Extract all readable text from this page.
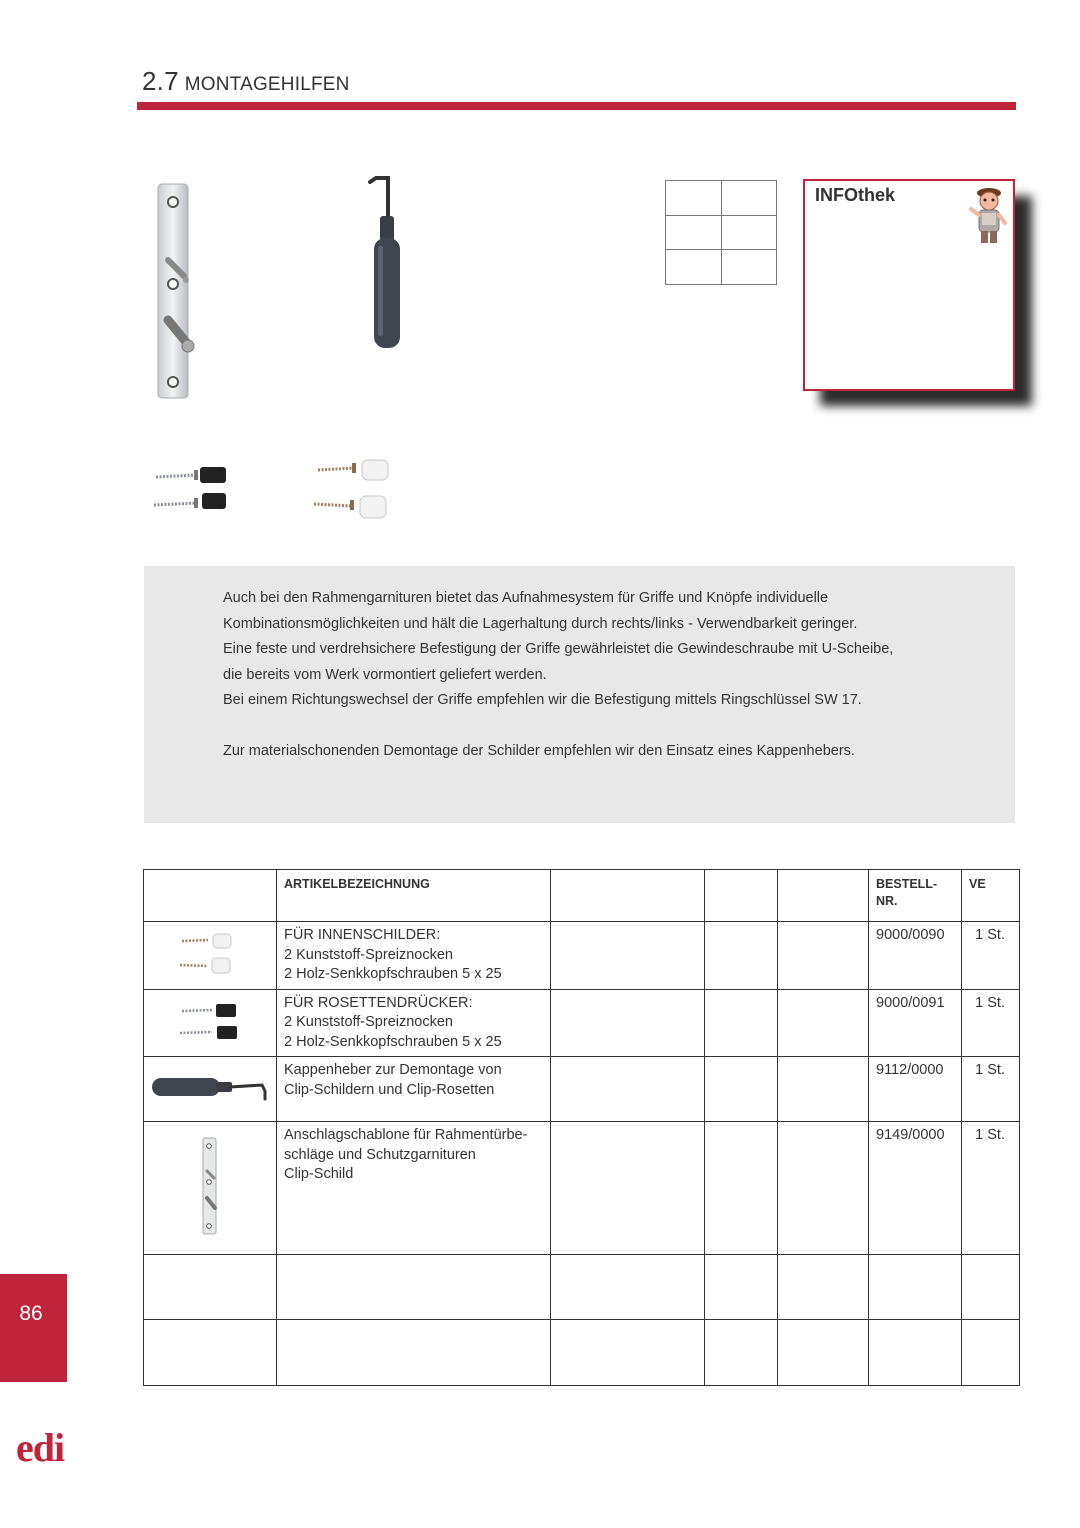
2.7 MONTAGEHILFEN

INFOthek

Auch bei den Rahmengarnituren bietet das Aufnahmesystem für Griffe und Knöpfe individuelle

Kombinationsmöglichkeiten und hält die Lagerhaltung durch rechts/links - Verwendbarkeit geringer.

Eine feste und verdrehsichere Befestigung der Griffe gewährleistet die Gewindeschraube mit U-Scheibe,

die bereits vom Werk vormontiert geliefert werden.

Bei einem Richtungswechsel der Griffe empfehlen wir die Befestigung mittels Ringschlüssel SW 17.

Zur materialschonenden Demontage der Schilder empfehlen wir den Einsatz eines Kappenhebers.

	ARTIKELBEZEICHNUNG				BESTELL-
NR.	VE

FÜR INNENSCHILDER:
2 Kunststoff-Spreiznocken
2 Holz-Senkkopfschrauben 5 x 25				9000/0090	1 St.

FÜR ROSETTENDRÜCKER:
2 Kunststoff-Spreiznocken
2 Holz-Senkkopfschrauben 5 x 25				9000/0091	1 St.

Kappenheber zur Demontage von
Clip-Schildern und Clip-Rosetten				9112/0000	1 St.

Anschlagschablone für Rahmentürbe-
schläge und Schutzgarnituren
Clip-Schild				9149/0000	1 St.

86
edi
